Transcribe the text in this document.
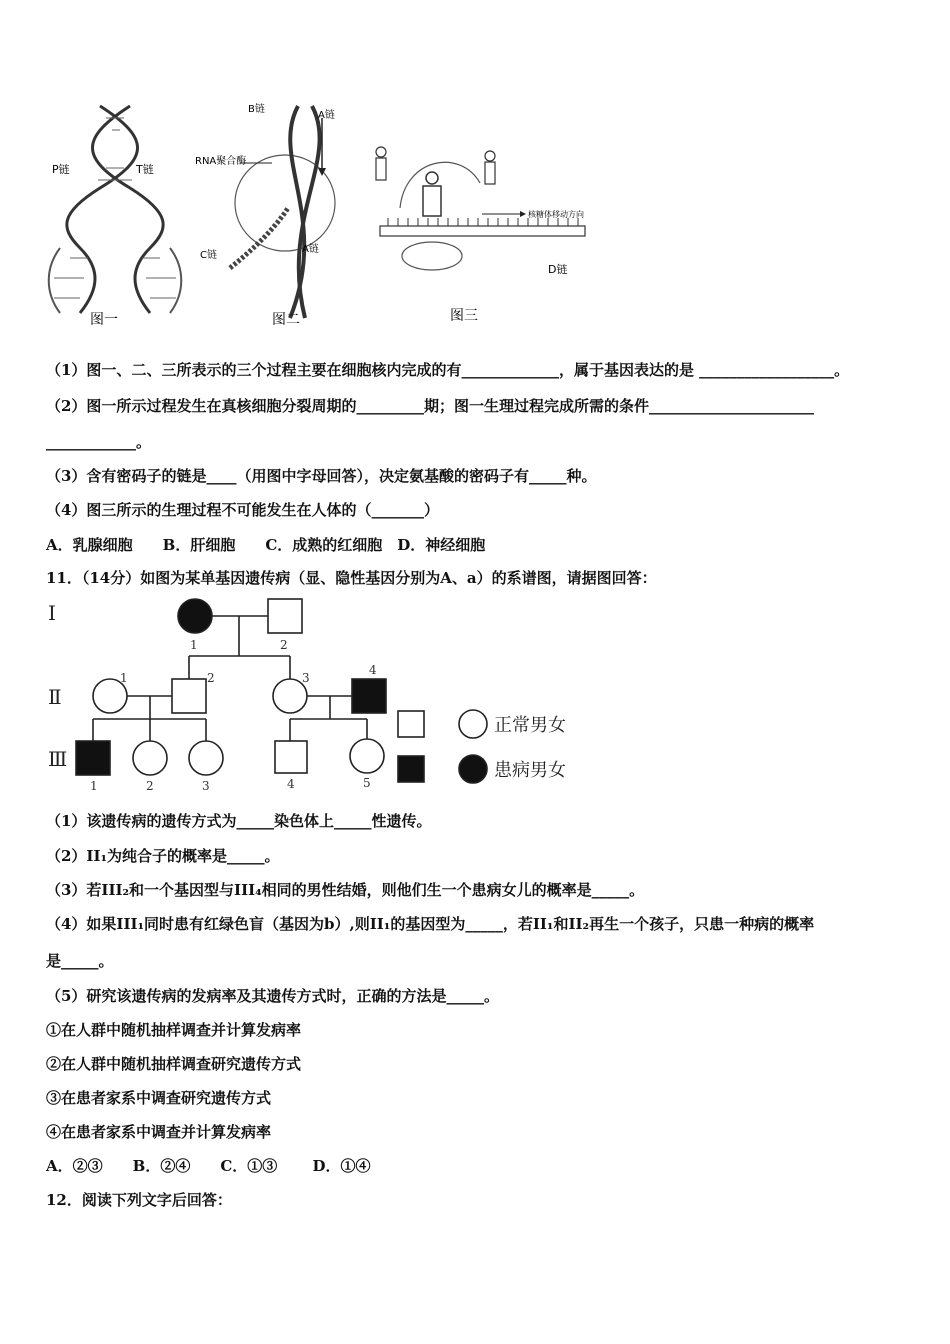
P链	T链
图一
B链
A链
RNA聚合酶
C链
A链
图二
核糖体移动方向
D链
图三
（1）图一、二、三所表示的三个过程主要在细胞核内完成的有_____________，属于基因表达的是 __________________。
（2）图一所示过程发生在真核细胞分裂周期的_________期；图一生理过程完成所需的条件______________________
____________。
（3）含有密码子的链是____（用图中字母回答），决定氨基酸的密码子有_____种。
（4）图三所示的生理过程不可能发生在人体的（_______）
A．乳腺细胞　　B．肝细胞　　C．成熟的红细胞　D．神经细胞
11．（14分）如图为某单基因遗传病（显、隐性基因分别为A、a）的系谱图，请据图回答：
Ⅰ
Ⅱ
Ⅲ
1	2
1	2	3
4
1	2	3	4	5
正常男女
患病男女
（1）该遗传病的遗传方式为_____染色体上_____性遗传。
（2）II₁为纯合子的概率是_____。
（3）若III₂和一个基因型与III₄相同的男性结婚，则他们生一个患病女儿的概率是_____。
（4）如果III₁同时患有红绿色盲（基因为b）,则II₁的基因型为_____，若II₁和II₂再生一个孩子，只患一种病的概率
是_____。
（5）研究该遗传病的发病率及其遗传方式时，正确的方法是_____。
①在人群中随机抽样调查并计算发病率
②在人群中随机抽样调查研究遗传方式
③在患者家系中调查研究遗传方式
④在患者家系中调查并计算发病率
A．②③　　B．②④　　C．①③　　 D．①④
12．阅读下列文字后回答：
